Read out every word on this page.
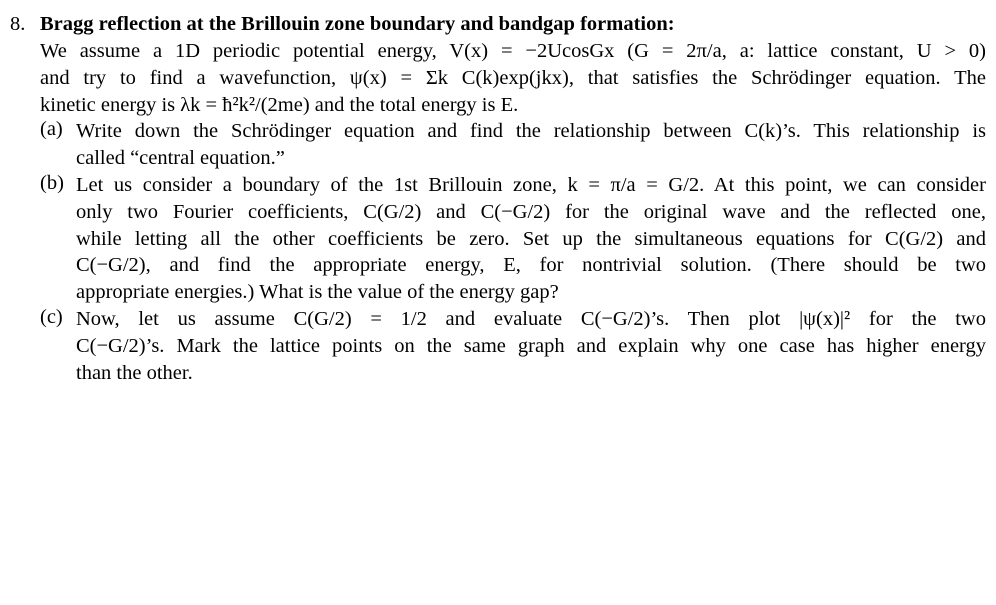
8. Bragg reflection at the Brillouin zone boundary and bandgap formation:
We assume a 1D periodic potential energy, V(x) = −2UcosGx (G = 2π/a, a: lattice constant, U > 0)
and try to find a wavefunction, ψ(x) = Σk C(k)exp(jkx), that satisfies the Schrödinger equation. The
kinetic energy is λk = ħ²k²/(2me) and the total energy is E.
(a) Write down the Schrödinger equation and find the relationship between C(k)’s. This relationship is
called “central equation.”
(b) Let us consider a boundary of the 1st Brillouin zone, k = π/a = G/2. At this point, we can consider
only two Fourier coefficients, C(G/2) and C(−G/2) for the original wave and the reflected one,
while letting all the other coefficients be zero. Set up the simultaneous equations for C(G/2) and
C(−G/2), and find the appropriate energy, E, for nontrivial solution. (There should be two
appropriate energies.) What is the value of the energy gap?
(c) Now, let us assume C(G/2) = 1/2 and evaluate C(−G/2)’s. Then plot |ψ(x)|² for the two
C(−G/2)’s. Mark the lattice points on the same graph and explain why one case has higher energy
than the other.
